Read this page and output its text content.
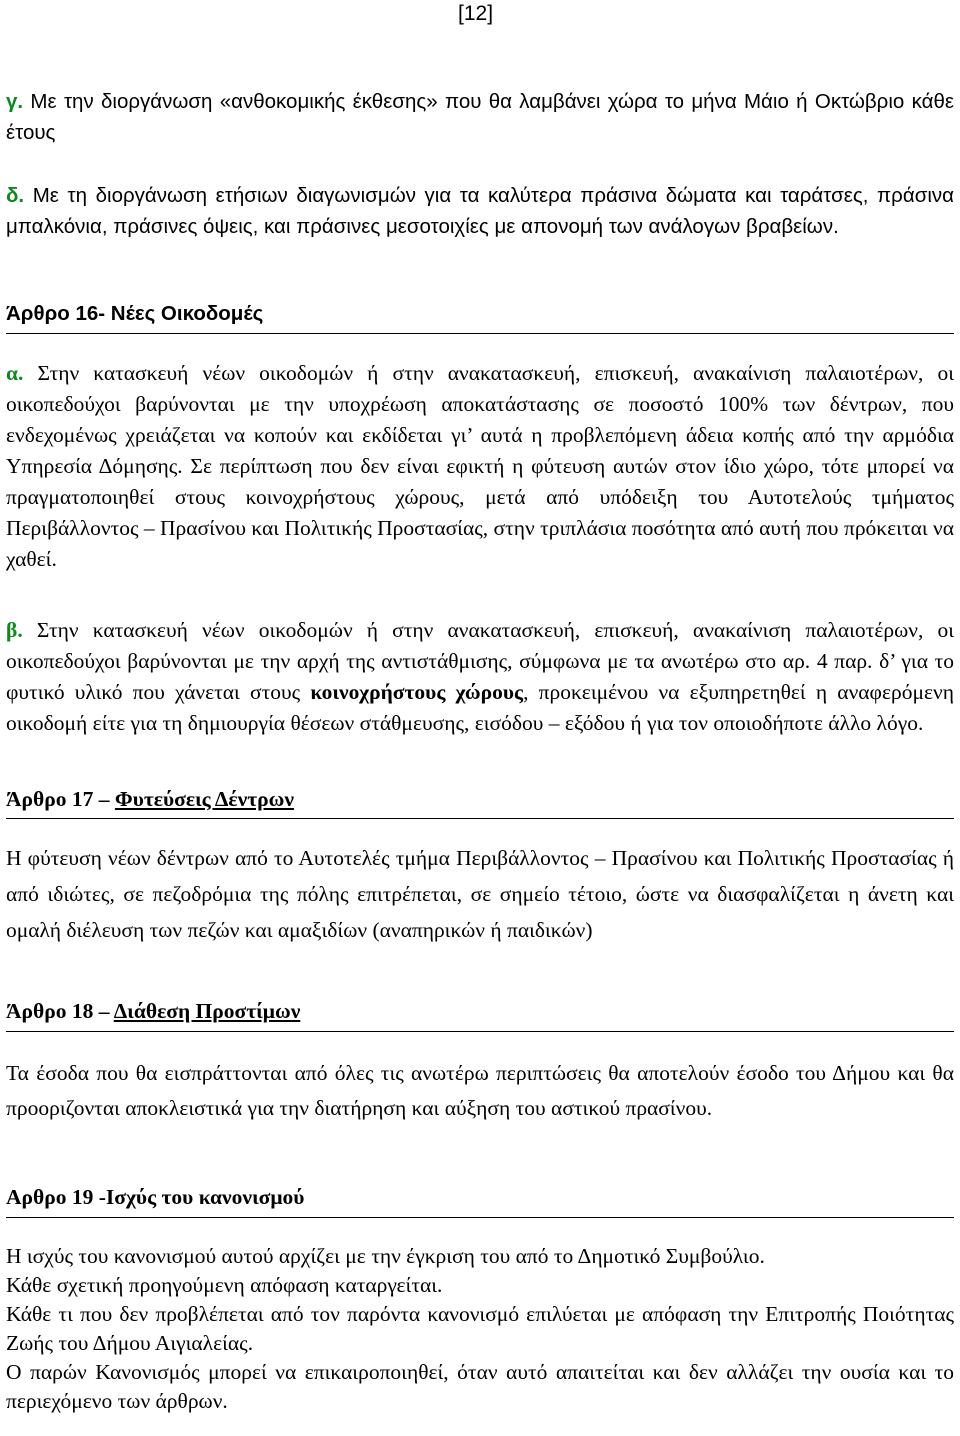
[12]
γ. Με την διοργάνωση «ανθοκομικής έκθεσης» που θα λαμβάνει χώρα το μήνα Μάιο ή Οκτώβριο κάθε έτους
δ. Με τη διοργάνωση ετήσιων διαγωνισμών για τα καλύτερα πράσινα δώματα και ταράτσες, πράσινα μπαλκόνια, πράσινες όψεις, και πράσινες μεσοτοιχίες με απονομή των ανάλογων βραβείων.
Άρθρο 16- Νέες Οικοδομές
α. Στην κατασκευή νέων οικοδομών ή στην ανακατασκευή, επισκευή, ανακαίνιση παλαιοτέρων, οι οικοπεδούχοι βαρύνονται με την υποχρέωση αποκατάστασης σε ποσοστό 100% των δέντρων, που ενδεχομένως χρειάζεται να κοπούν και εκδίδεται γι’ αυτά η προβλεπόμενη άδεια κοπής από την αρμόδια Υπηρεσία Δόμησης. Σε περίπτωση που δεν είναι εφικτή η φύτευση αυτών στον ίδιο χώρο, τότε μπορεί να πραγματοποιηθεί στους κοινοχρήστους χώρους, μετά από υπόδειξη του Αυτοτελούς τμήματος Περιβάλλοντος – Πρασίνου και Πολιτικής Προστασίας, στην τριπλάσια ποσότητα από αυτή που πρόκειται να χαθεί.
β. Στην κατασκευή νέων οικοδομών ή στην ανακατασκευή, επισκευή, ανακαίνιση παλαιοτέρων, οι οικοπεδούχοι βαρύνονται με την αρχή της αντιστάθμισης, σύμφωνα με τα ανωτέρω στο αρ. 4 παρ. δ’ για το φυτικό υλικό που χάνεται στους κοινοχρήστους χώρους, προκειμένου να εξυπηρετηθεί η αναφερόμενη οικοδομή είτε για τη δημιουργία θέσεων στάθμευσης, εισόδου – εξόδου ή για τον οποιοδήποτε άλλο λόγο.
Άρθρο 17 – Φυτεύσεις Δέντρων
Η φύτευση νέων δέντρων από το Αυτοτελές τμήμα Περιβάλλοντος – Πρασίνου και Πολιτικής Προστασίας ή από ιδιώτες, σε πεζοδρόμια της πόλης επιτρέπεται, σε σημείο τέτοιο, ώστε να διασφαλίζεται η άνετη και ομαλή διέλευση των πεζών και αμαξιδίων (αναπηρικών ή παιδικών)
Άρθρο 18 – Διάθεση Προστίμων
Τα έσοδα που θα εισπράττονται από όλες τις ανωτέρω περιπτώσεις θα αποτελούν έσοδο του Δήμου και θα προοριζονται αποκλειστικά για την διατήρηση και αύξηση του αστικού πρασίνου.
Αρθρο 19 -Ισχύς του κανονισμού
Η ισχύς του κανονισμού αυτού αρχίζει με την έγκριση του από το Δημοτικό Συμβούλιο.
Κάθε σχετική προηγούμενη απόφαση καταργείται.
Κάθε τι που δεν προβλέπεται από τον παρόντα κανονισμό επιλύεται με απόφαση την Επιτροπής Ποιότητας Ζωής του Δήμου Αιγιαλείας.
Ο παρών Κανονισμός μπορεί να επικαιροποιηθεί, όταν αυτό απαιτείται και δεν αλλάζει την ουσία και το περιεχόμενο των άρθρων.
